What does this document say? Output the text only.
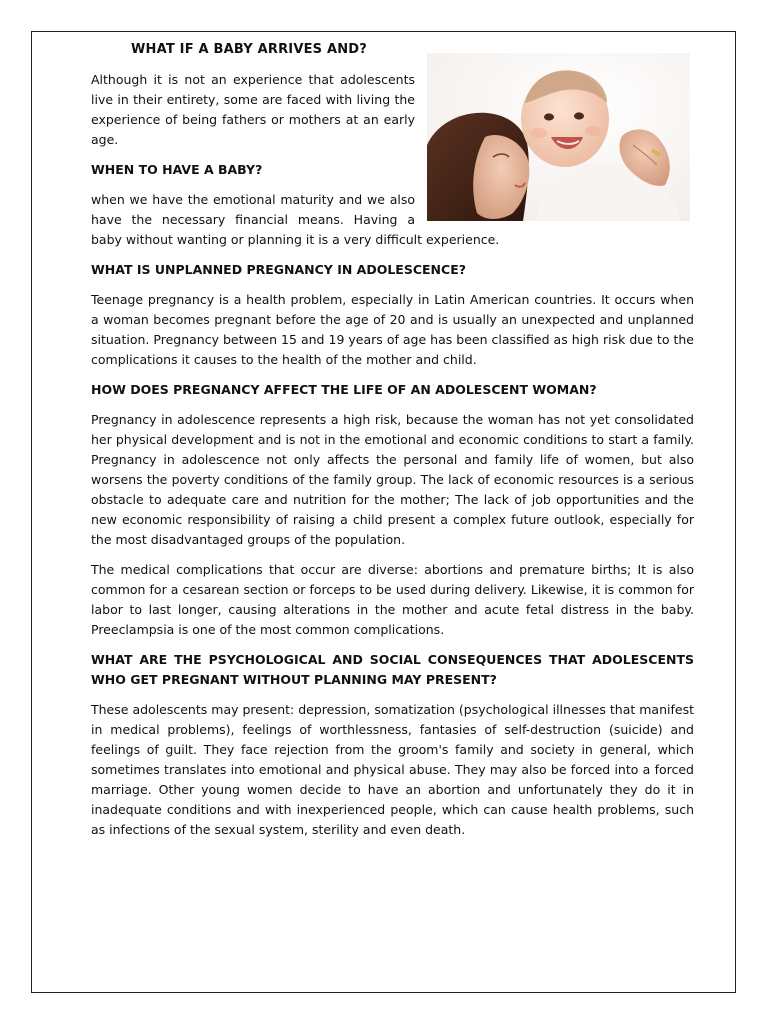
WHAT IF A BABY ARRIVES AND?

Although it is not an experience that adolescents live in their entirety, some are faced with living the experience of being fathers or mothers at an early age.

WHEN TO HAVE A BABY?

when we have the emotional maturity and we also have the necessary financial means. Having a
baby without wanting or planning it is a very difficult experience.

WHAT IS UNPLANNED PREGNANCY IN ADOLESCENCE?

Teenage pregnancy is a health problem, especially in Latin American countries. It occurs when a woman becomes pregnant before the age of 20 and is usually an unexpected and unplanned situation. Pregnancy between 15 and 19 years of age has been classified as high risk due to the complications it causes to the health of the mother and child.

HOW DOES PREGNANCY AFFECT THE LIFE OF AN ADOLESCENT WOMAN?

Pregnancy in adolescence represents a high risk, because the woman has not yet consolidated her physical development and is not in the emotional and economic conditions to start a family. Pregnancy in adolescence not only affects the personal and family life of women, but also worsens the poverty conditions of the family group. The lack of economic resources is a serious obstacle to adequate care and nutrition for the mother; The lack of job opportunities and the new economic responsibility of raising a child present a complex future outlook, especially for the most disadvantaged groups of the population.

The medical complications that occur are diverse: abortions and premature births; It is also common for a cesarean section or forceps to be used during delivery. Likewise, it is common for labor to last longer, causing alterations in the mother and acute fetal distress in the baby. Preeclampsia is one of the most common complications.

WHAT ARE THE PSYCHOLOGICAL AND SOCIAL CONSEQUENCES THAT ADOLESCENTS WHO GET PREGNANT WITHOUT PLANNING MAY PRESENT?

These adolescents may present: depression, somatization (psychological illnesses that manifest in medical problems), feelings of worthlessness, fantasies of self-destruction (suicide) and feelings of guilt. They face rejection from the groom's family and society in general, which sometimes translates into emotional and physical abuse. They may also be forced into a forced marriage. Other young women decide to have an abortion and unfortunately they do it in inadequate conditions and with inexperienced people, which can cause health problems, such as infections of the sexual system, sterility and even death.
